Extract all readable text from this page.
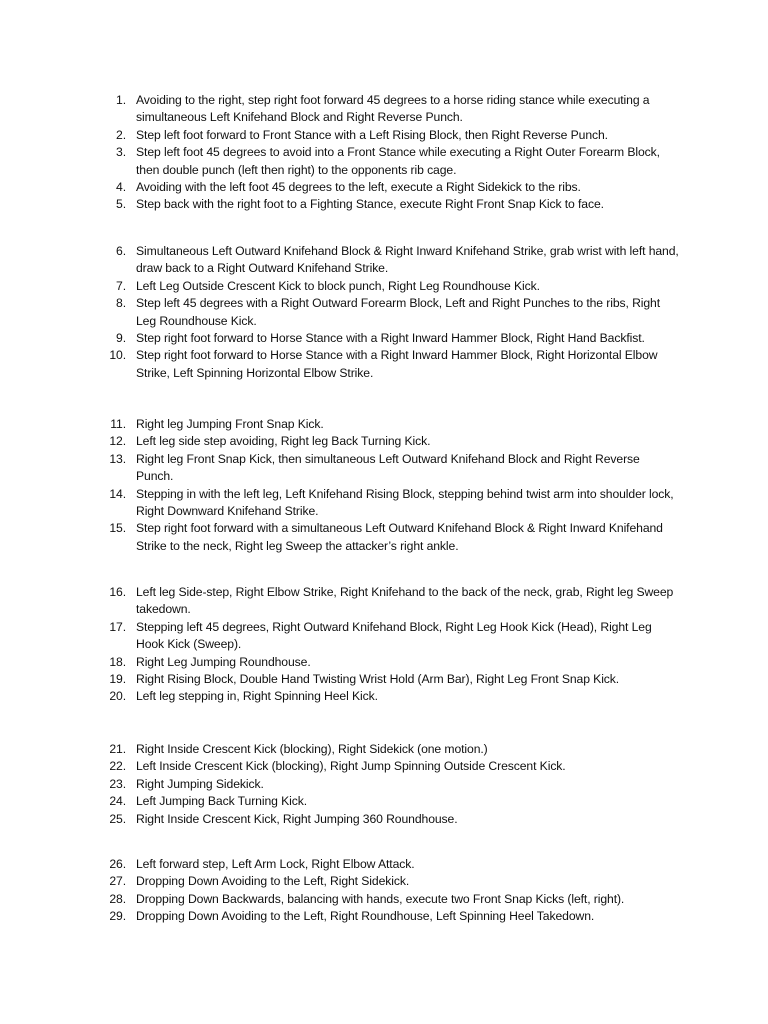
1. Avoiding to the right, step right foot forward 45 degrees to a horse riding stance while executing a simultaneous Left Knifehand Block and Right Reverse Punch.
2. Step left foot forward to Front Stance with a Left Rising Block, then Right Reverse Punch.
3. Step left foot 45 degrees to avoid into a Front Stance while executing a Right Outer Forearm Block, then double punch (left then right) to the opponents rib cage.
4. Avoiding with the left foot 45 degrees to the left, execute a Right Sidekick to the ribs.
5. Step back with the right foot to a Fighting Stance, execute Right Front Snap Kick to face.
6. Simultaneous Left Outward Knifehand Block & Right Inward Knifehand Strike, grab wrist with left hand, draw back to a Right Outward Knifehand Strike.
7. Left Leg Outside Crescent Kick to block punch, Right Leg Roundhouse Kick.
8. Step left 45 degrees with a Right Outward Forearm Block, Left and Right Punches to the ribs, Right Leg Roundhouse Kick.
9. Step right foot forward to Horse Stance with a Right Inward Hammer Block, Right Hand Backfist.
10. Step right foot forward to Horse Stance with a Right Inward Hammer Block, Right Horizontal Elbow Strike, Left Spinning Horizontal Elbow Strike.
11. Right leg Jumping Front Snap Kick.
12. Left leg side step avoiding, Right leg Back Turning Kick.
13. Right leg Front Snap Kick, then simultaneous Left Outward Knifehand Block and Right Reverse Punch.
14. Stepping in with the left leg, Left Knifehand Rising Block, stepping behind twist arm into shoulder lock, Right Downward Knifehand Strike.
15. Step right foot forward with a simultaneous Left Outward Knifehand Block & Right Inward Knifehand Strike to the neck, Right leg Sweep the attacker’s right ankle.
16. Left leg Side-step, Right Elbow Strike, Right Knifehand to the back of the neck, grab, Right leg Sweep takedown.
17. Stepping left 45 degrees, Right Outward Knifehand Block, Right Leg Hook Kick (Head), Right Leg Hook Kick (Sweep).
18. Right Leg Jumping Roundhouse.
19. Right Rising Block, Double Hand Twisting Wrist Hold (Arm Bar), Right Leg Front Snap Kick.
20. Left leg stepping in, Right Spinning Heel Kick.
21. Right Inside Crescent Kick (blocking), Right Sidekick (one motion.)
22. Left Inside Crescent Kick (blocking), Right Jump Spinning Outside Crescent Kick.
23. Right Jumping Sidekick.
24. Left Jumping Back Turning Kick.
25. Right Inside Crescent Kick, Right Jumping 360 Roundhouse.
26. Left forward step, Left Arm Lock, Right Elbow Attack.
27. Dropping Down Avoiding to the Left, Right Sidekick.
28. Dropping Down Backwards, balancing with hands, execute two Front Snap Kicks (left, right).
29. Dropping Down Avoiding to the Left, Right Roundhouse, Left Spinning Heel Takedown.
